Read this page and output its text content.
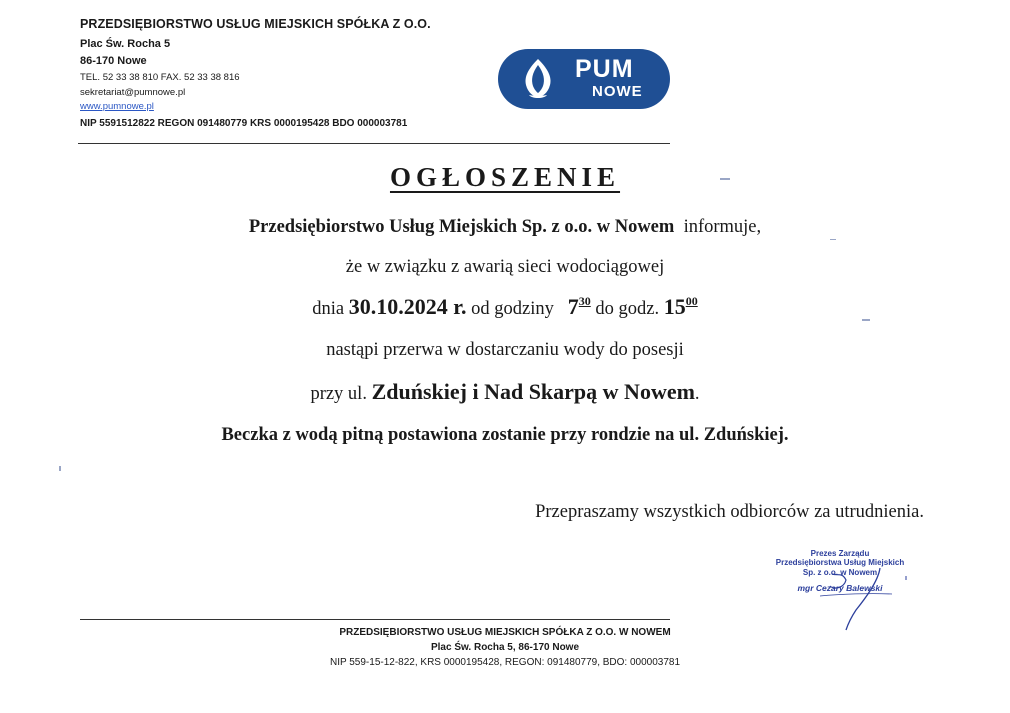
PRZEDSIĘBIORSTWO USŁUG MIEJSKICH SPÓŁKA Z O.O.
Plac Św. Rocha 5
86-170 Nowe
TEL. 52 33 38 810 FAX. 52 33 38 816
sekretariat@pumnowe.pl
www.pumnowe.pl
NIP 5591512822 REGON 091480779 KRS 0000195428 BDO 000003781
PUM
NOWE
OGŁOSZENIE
Przedsiębiorstwo Usług Miejskich Sp. z o.o. w Nowem informuje,
że w związku z awarią sieci wodociągowej
dnia 30.10.2024 r. od godziny $7^{30}$ do godz. $15^{00}$
nastąpi przerwa w dostarczaniu wody do posesji
przy ul. Zduńskiej i Nad Skarpą w Nowem.
Beczka z wodą pitną postawiona zostanie przy rondzie na ul. Zduńskiej.
Przepraszamy wszystkich odbiorców za utrudnienia.
Prezes Zarządu
Przedsiębiorstwa Usług Miejskich
Sp. z o.o. w Nowem
mgr Cezary Balewski
PRZEDSIĘBIORSTWO USŁUG MIEJSKICH SPÓŁKA Z O.O. W NOWEM
Plac Św. Rocha 5, 86-170 Nowe
NIP 559-15-12-822, KRS 0000195428, REGON: 091480779, BDO: 000003781
